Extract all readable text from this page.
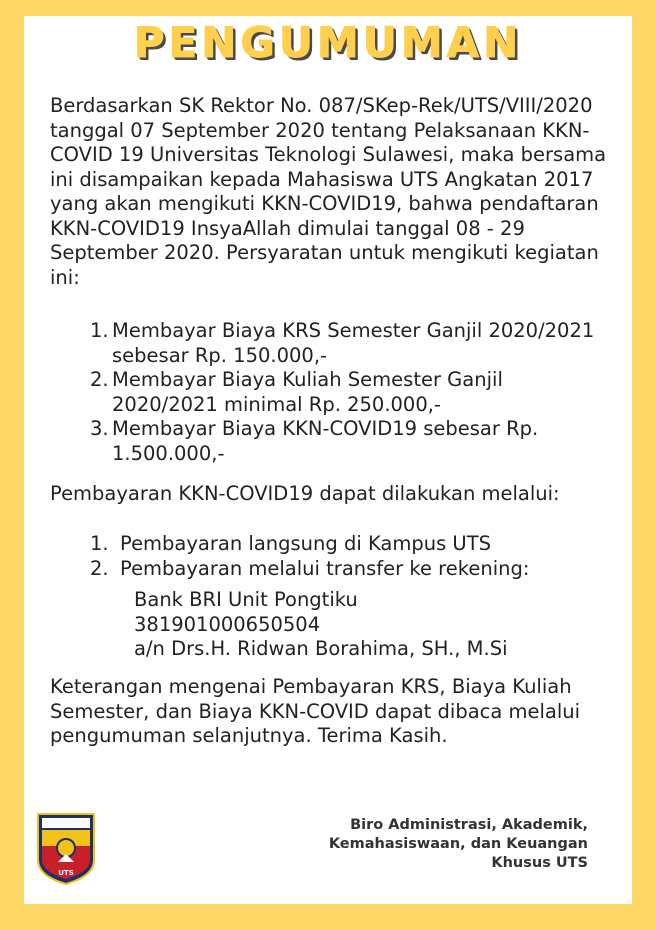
PENGUMUMAN
Berdasarkan SK Rektor No. 087/SKep-Rek/UTS/VIII/2020 tanggal 07 September 2020 tentang Pelaksanaan KKN-COVID 19 Universitas Teknologi Sulawesi, maka bersama ini disampaikan kepada Mahasiswa UTS Angkatan 2017 yang akan mengikuti KKN-COVID19, bahwa pendaftaran KKN-COVID19 InsyaAllah dimulai tanggal 08 - 29 September 2020. Persyaratan untuk mengikuti kegiatan ini:
1. Membayar Biaya KRS Semester Ganjil 2020/2021 sebesar Rp. 150.000,-
2. Membayar Biaya Kuliah Semester Ganjil 2020/2021 minimal Rp. 250.000,-
3. Membayar Biaya KKN-COVID19 sebesar Rp. 1.500.000,-
Pembayaran KKN-COVID19 dapat dilakukan melalui:
1. Pembayaran langsung di Kampus UTS
2. Pembayaran melalui transfer ke rekening:
Bank BRI Unit Pongtiku
381901000650504
a/n Drs.H. Ridwan Borahima, SH., M.Si
Keterangan mengenai Pembayaran KRS, Biaya Kuliah Semester, dan Biaya KKN-COVID dapat dibaca melalui pengumuman selanjutnya. Terima Kasih.
UTS
Biro Administrasi, Akademik,
Kemahasiswaan, dan Keuangan
Khusus UTS
